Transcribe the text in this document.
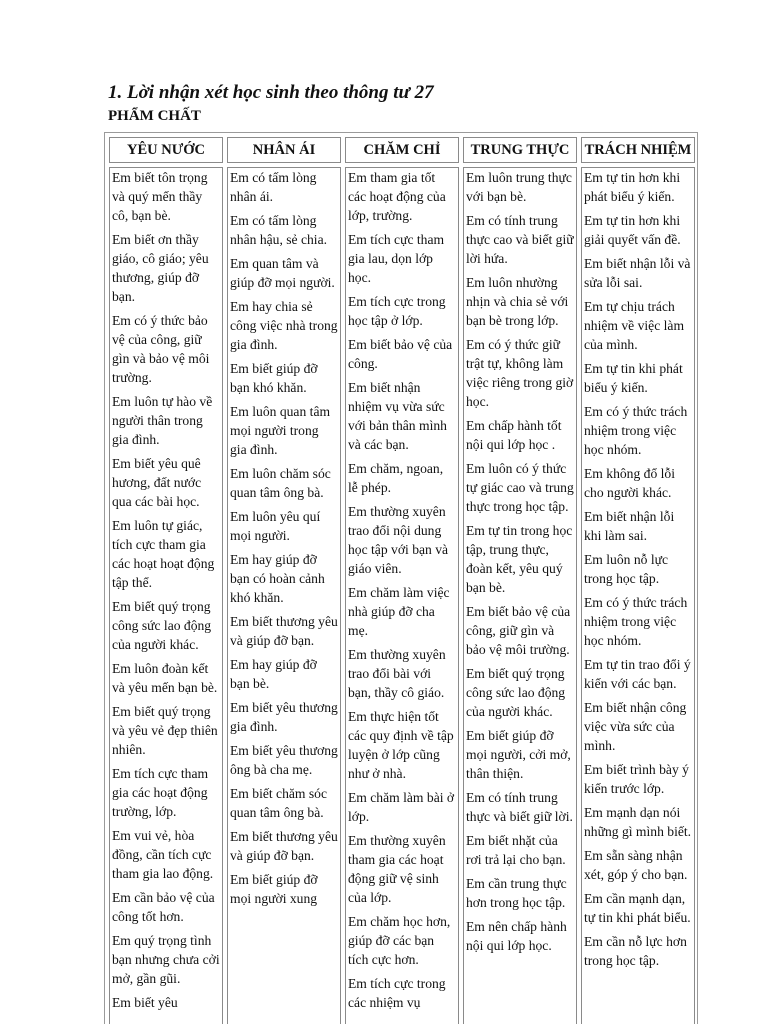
1. Lời nhận xét học sinh theo thông tư 27
PHẨM CHẤT
YÊU NƯỚC
Em biết tôn trọng và quý mến thầy cô, bạn bè.
Em biết ơn thầy giáo, cô giáo; yêu thương, giúp đỡ bạn.
Em có ý thức bảo vệ của công, giữ gìn và bảo vệ môi trường.
Em luôn tự hào về người thân trong gia đình.
Em biết yêu quê hương, đất nước qua các bài học.
Em luôn tự giác, tích cực tham gia các hoạt hoạt động tập thể.
Em biết quý trọng công sức lao động của người khác.
Em luôn đoàn kết và yêu mến bạn bè.
Em biết quý trọng và yêu vẻ đẹp thiên nhiên.
Em tích cực tham gia các hoạt động trường, lớp.
Em vui vẻ, hòa đồng, cần tích cực tham gia lao động.
Em cần bảo vệ của công tốt hơn.
Em quý trọng tình bạn nhưng chưa cởi mở, gần gũi.
Em biết yêu
NHÂN ÁI
Em có tấm lòng nhân ái.
Em có tấm lòng nhân hậu, sẻ chia.
Em quan tâm và giúp đỡ mọi người.
Em hay chia sẻ công việc nhà trong gia đình.
Em biết giúp đỡ bạn khó khăn.
Em luôn quan tâm mọi người trong gia đình.
Em luôn chăm sóc quan tâm ông bà.
Em luôn yêu quí mọi người.
Em hay giúp đỡ bạn có hoàn cảnh khó khăn.
Em biết thương yêu và giúp đỡ bạn.
Em hay giúp đỡ bạn bè.
Em biết yêu thương gia đình.
Em biết yêu thương ông bà cha mẹ.
Em biết chăm sóc quan tâm ông bà.
Em biết thương yêu và giúp đỡ bạn.
Em biết giúp đỡ mọi người xung
CHĂM CHỈ
Em tham gia tốt các hoạt động của lớp, trường.
Em tích cực tham gia lau, dọn lớp học.
Em tích cực trong học tập ở lớp.
Em biết bảo vệ của công.
Em biết nhận nhiệm vụ vừa sức với bản thân mình và các bạn.
Em chăm, ngoan, lễ phép.
Em thường xuyên trao đổi nội dung học tập với bạn và giáo viên.
Em chăm làm việc nhà giúp đỡ cha mẹ.
Em thường xuyên trao đổi bài với bạn, thầy cô giáo.
Em thực hiện tốt các quy định về tập luyện ở lớp cũng như ở nhà.
Em chăm làm bài ở lớp.
Em thường xuyên tham gia các hoạt động giữ vệ sinh của lớp.
Em chăm học hơn, giúp đỡ các bạn tích cực hơn.
Em tích cực trong các nhiệm vụ
TRUNG THỰC
Em luôn trung thực với bạn bè.
Em có tính trung thực cao và biết giữ lời hứa.
Em luôn nhường nhịn và chia sẻ với bạn bè trong lớp.
Em có ý thức giữ trật tự, không làm việc riêng trong giờ học.
Em chấp hành tốt nội qui lớp học .
Em luôn có ý thức tự giác cao và trung thực trong học tập.
Em tự tin trong học tập, trung thực, đoàn kết, yêu quý bạn bè.
Em biết bảo vệ của công, giữ gìn và bảo vệ môi trường.
Em biết quý trọng công sức lao động của người khác.
Em biết giúp đỡ mọi người, cởi mở, thân thiện.
Em có tính trung thực và biết giữ lời.
Em biết nhặt của rơi trả lại cho bạn.
Em cần trung thực hơn trong học tập.
Em nên chấp hành nội qui lớp học.
TRÁCH NHIỆM
Em tự tin hơn khi phát biểu ý kiến.
Em tự tin hơn khi giải quyết vấn đề.
Em biết nhận lỗi và sửa lỗi sai.
Em tự chịu trách nhiệm về việc làm của mình.
Em tự tin khi phát biểu ý kiến.
Em có ý thức trách nhiệm trong việc học nhóm.
Em không đổ lỗi cho người khác.
Em biết nhận lỗi khi làm sai.
Em luôn nỗ lực trong học tập.
Em có ý thức trách nhiệm trong việc học nhóm.
Em tự tin trao đổi ý kiến với các bạn.
Em biết nhận công việc vừa sức của mình.
Em biết trình bày ý kiến trước lớp.
Em mạnh dạn nói những gì mình biết.
Em sẵn sàng nhận xét, góp ý cho bạn.
Em cần mạnh dạn, tự tin khi phát biểu.
Em cần nỗ lực hơn trong học tập.
